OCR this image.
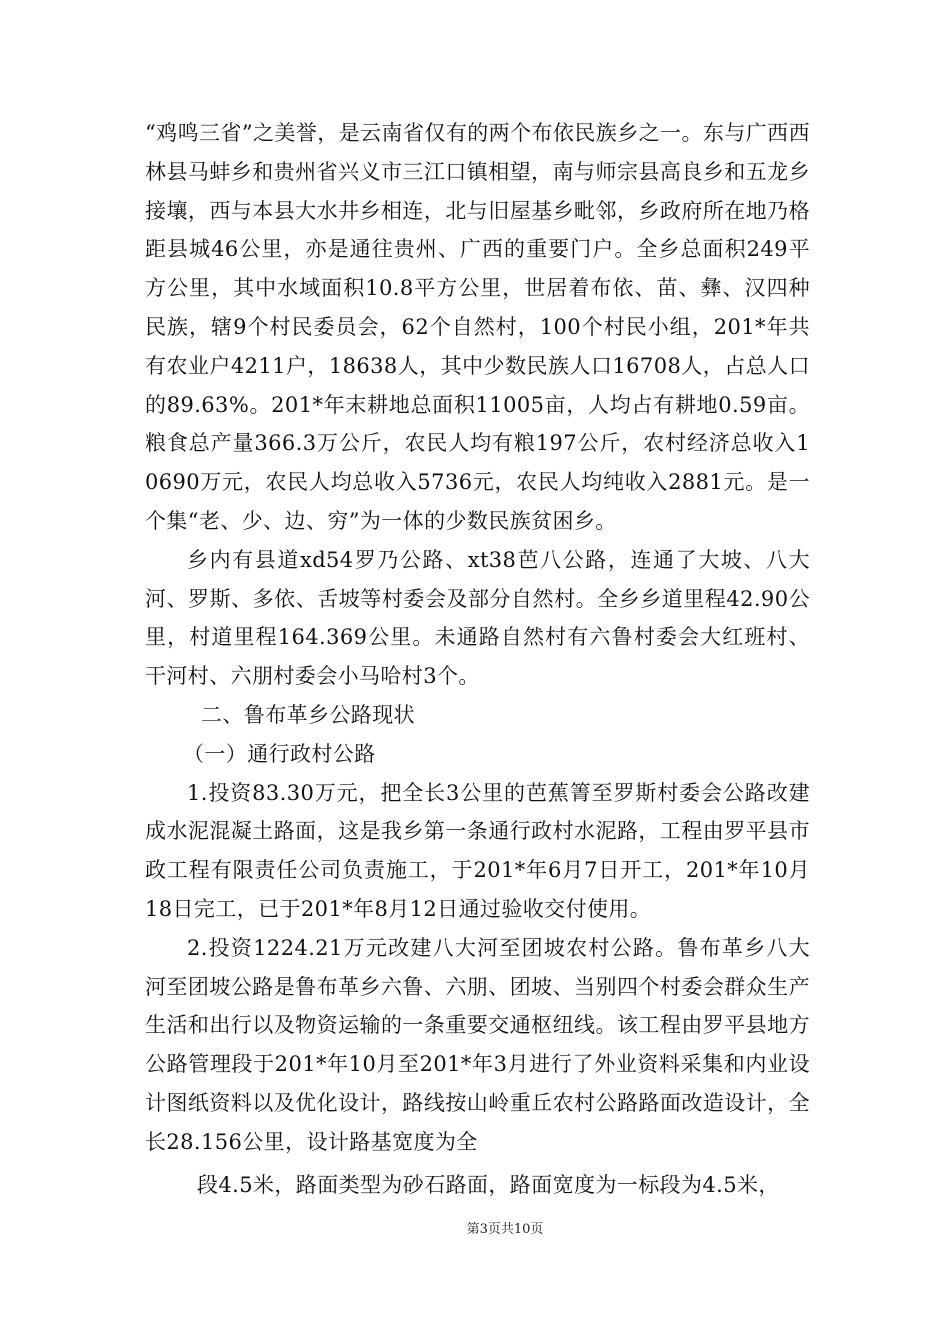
“鸡鸣三省”之美誉，是云南省仅有的两个布依民族乡之一。东与广西西林县马蚌乡和贵州省兴义市三江口镇相望，南与师宗县高良乡和五龙乡接壤，西与本县大水井乡相连，北与旧屋基乡毗邻，乡政府所在地乃格距县城46公里，亦是通往贵州、广西的重要门户。全乡总面积249平方公里，其中水域面积10.8平方公里，世居着布依、苗、彝、汉四种民族，辖9个村民委员会，62个自然村，100个村民小组，201*年共有农业户4211户，18638人，其中少数民族人口16708人，占总人口的89.63%。201*年末耕地总面积11005亩，人均占有耕地0.59亩。粮食总产量366.3万公斤，农民人均有粮197公斤，农村经济总收入10690万元，农民人均总收入5736元，农民人均纯收入2881元。是一个集“老、少、边、穷”为一体的少数民族贫困乡。

乡内有县道xd54罗乃公路、xt38芭八公路，连通了大坡、八大河、罗斯、多依、舌坡等村委会及部分自然村。全乡乡道里程42.90公里，村道里程164.369公里。未通路自然村有六鲁村委会大红班村、干河村、六朋村委会小马哈村3个。

二、鲁布革乡公路现状

（一）通行政村公路

1.投资83.30万元，把全长3公里的芭蕉箐至罗斯村委会公路改建成水泥混凝土路面，这是我乡第一条通行政村水泥路，工程由罗平县市政工程有限责任公司负责施工，于201*年6月7日开工，201*年10月18日完工，已于201*年8月12日通过验收交付使用。

2.投资1224.21万元改建八大河至团坡农村公路。鲁布革乡八大河至团坡公路是鲁布革乡六鲁、六朋、团坡、当别四个村委会群众生产生活和出行以及物资运输的一条重要交通枢纽线。该工程由罗平县地方公路管理段于201*年10月至201*年3月进行了外业资料采集和内业设计图纸资料以及优化设计，路线按山岭重丘农村公路路面改造设计，全长28.156公里，设计路基宽度为全

段4.5米，路面类型为砂石路面，路面宽度为一标段为4.5米，

第3页共10页
